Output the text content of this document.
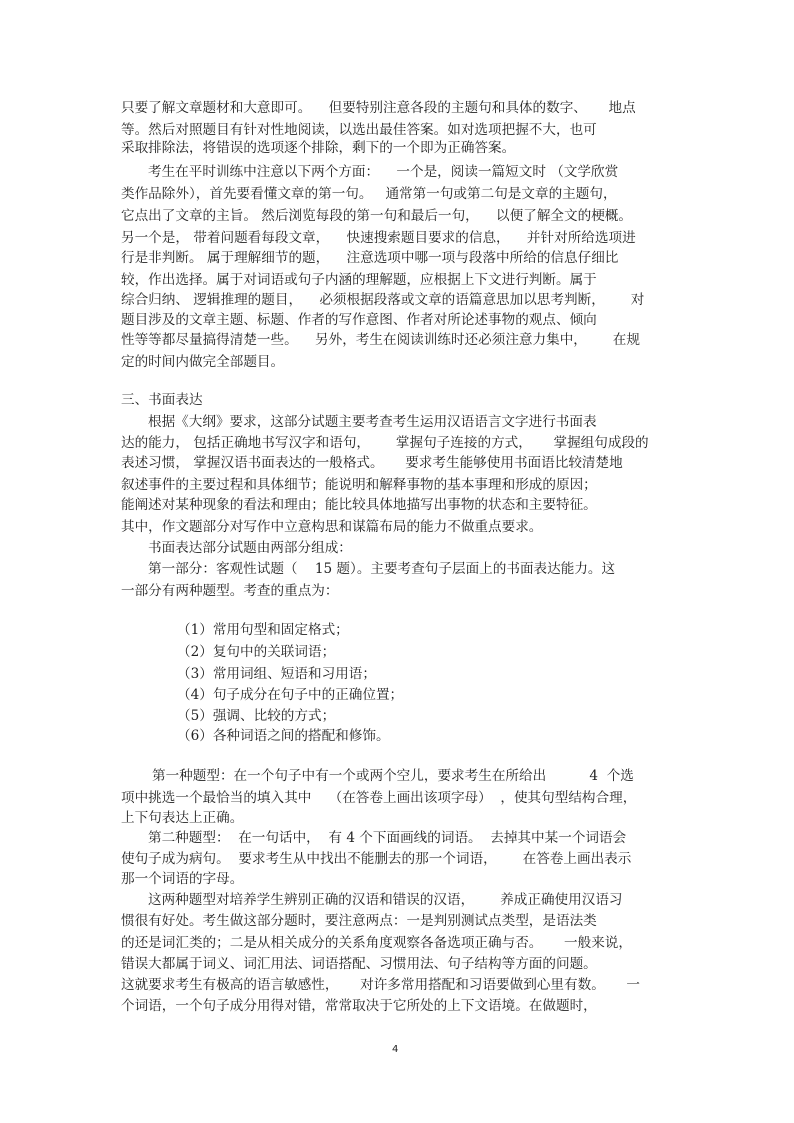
只要了解文章题材和大意即可。    但要特别注意各段的主题句和具体的数字、     地点

等。然后对照题目有针对性地阅读，以选出最佳答案。如对选项把握不大，也可

采取排除法，将错误的选项逐个排除，剩下的一个即为正确答案。

考生在平时训练中注意以下两个方面：    一个是，阅读一篇短文时 （文学欣赏

类作品除外），首先要看懂文章的第一句。   通常第一句或第二句是文章的主题句，

它点出了文章的主旨。 然后浏览每段的第一句和最后一句，    以便了解全文的梗概。

另一个是， 带着问题看每段文章，    快速搜索题目要求的信息，    并针对所给选项进

行是非判断。 属于理解细节的题，    注意选项中哪一项与段落中所给的信息仔细比

较，作出选择。属于对词语或句子内涵的理解题，应根据上下文进行判断。属于

综合归纳、 逻辑推理的题目，    必须根据段落或文章的语篇意思加以思考判断，      对

题目涉及的文章主题、标题、作者的写作意图、作者对所论述事物的观点、倾向

性等等都尽量搞得清楚一些。    另外，考生在阅读训练时还必须注意力集中，      在规

定的时间内做完全部题目。

三、书面表达

根据《大纲》要求，这部分试题主要考查考生运用汉语语言文字进行书面表

达的能力， 包括正确地书写汉字和语句，      掌握句子连接的方式，     掌握组句成段的

表述习惯， 掌握汉语书面表达的一般格式。     要求考生能够使用书面语比较清楚地

叙述事件的主要过程和具体细节；能说明和解释事物的基本事理和形成的原因；

能阐述对某种现象的看法和理由；能比较具体地描写出事物的状态和主要特征。

其中，作文题部分对写作中立意构思和谋篇布局的能力不做重点要求。

书面表达部分试题由两部分组成：

第一部分：客观性试题（    15 题）。主要考查句子层面上的书面表达能力。这

一部分有两种题型。考查的重点为：

（1）常用句型和固定格式；

（2）复句中的关联词语；

（3）常用词组、短语和习用语；

（4）句子成分在句子中的正确位置；

（5）强调、比较的方式；

（6）各种词语之间的搭配和修饰。

第一种题型：在一个句子中有一个或两个空儿，要求考生在所给出          4  个选

项中挑选一个最恰当的填入其中    （在答卷上画出该项字母）  ，使其句型结构合理，

上下句表达上正确。

第二种题型：  在一句话中，  有 4 个下面画线的词语。  去掉其中某一个词语会

使句子成为病句。  要求考生从中找出不能删去的那一个词语，      在答卷上画出表示

那一个词语的字母。

这两种题型对培养学生辨别正确的汉语和错误的汉语，      养成正确使用汉语习

惯很有好处。考生做这部分题时，要注意两点：一是判别测试点类型，是语法类

的还是词汇类的；二是从相关成分的关系角度观察各备选项正确与否。     一般来说，

错误大都属于词义、词汇用法、词语搭配、习惯用法、句子结构等方面的问题。

这就要求考生有极高的语言敏感性，     对许多常用搭配和习语要做到心里有数。     一

个词语，一个句子成分用得对错，常常取决于它所处的上下文语境。在做题时，

4
